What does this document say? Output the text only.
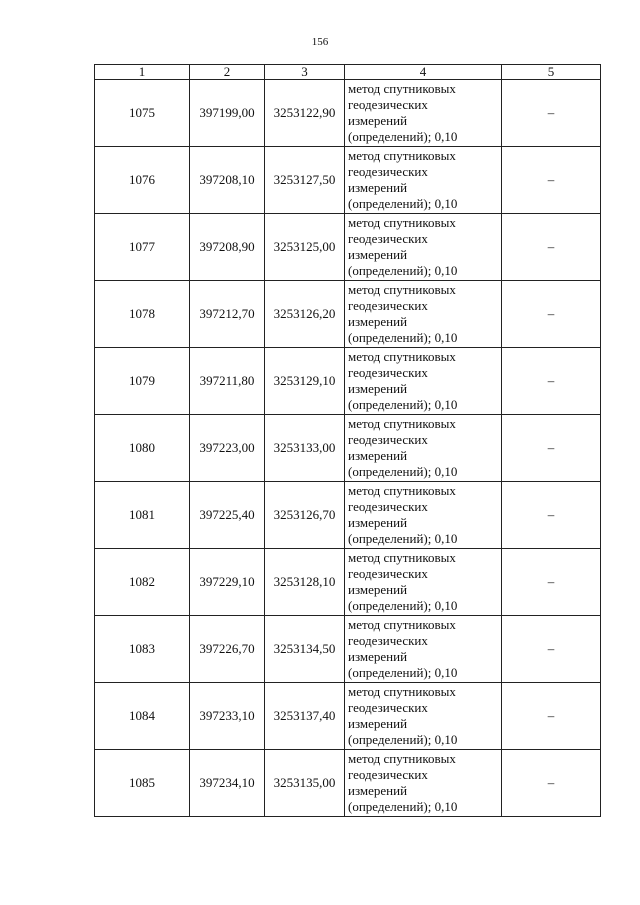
156
1	2	3	4	5
1075	397199,00	3253122,90	метод спутниковых
геодезических
измерений
(определений); 0,10	–
1076	397208,10	3253127,50	метод спутниковых
геодезических
измерений
(определений); 0,10	–
1077	397208,90	3253125,00	метод спутниковых
геодезических
измерений
(определений); 0,10	–
1078	397212,70	3253126,20	метод спутниковых
геодезических
измерений
(определений); 0,10	–
1079	397211,80	3253129,10	метод спутниковых
геодезических
измерений
(определений); 0,10	–
1080	397223,00	3253133,00	метод спутниковых
геодезических
измерений
(определений); 0,10	–
1081	397225,40	3253126,70	метод спутниковых
геодезических
измерений
(определений); 0,10	–
1082	397229,10	3253128,10	метод спутниковых
геодезических
измерений
(определений); 0,10	–
1083	397226,70	3253134,50	метод спутниковых
геодезических
измерений
(определений); 0,10	–
1084	397233,10	3253137,40	метод спутниковых
геодезических
измерений
(определений); 0,10	–
1085	397234,10	3253135,00	метод спутниковых
геодезических
измерений
(определений); 0,10	–
